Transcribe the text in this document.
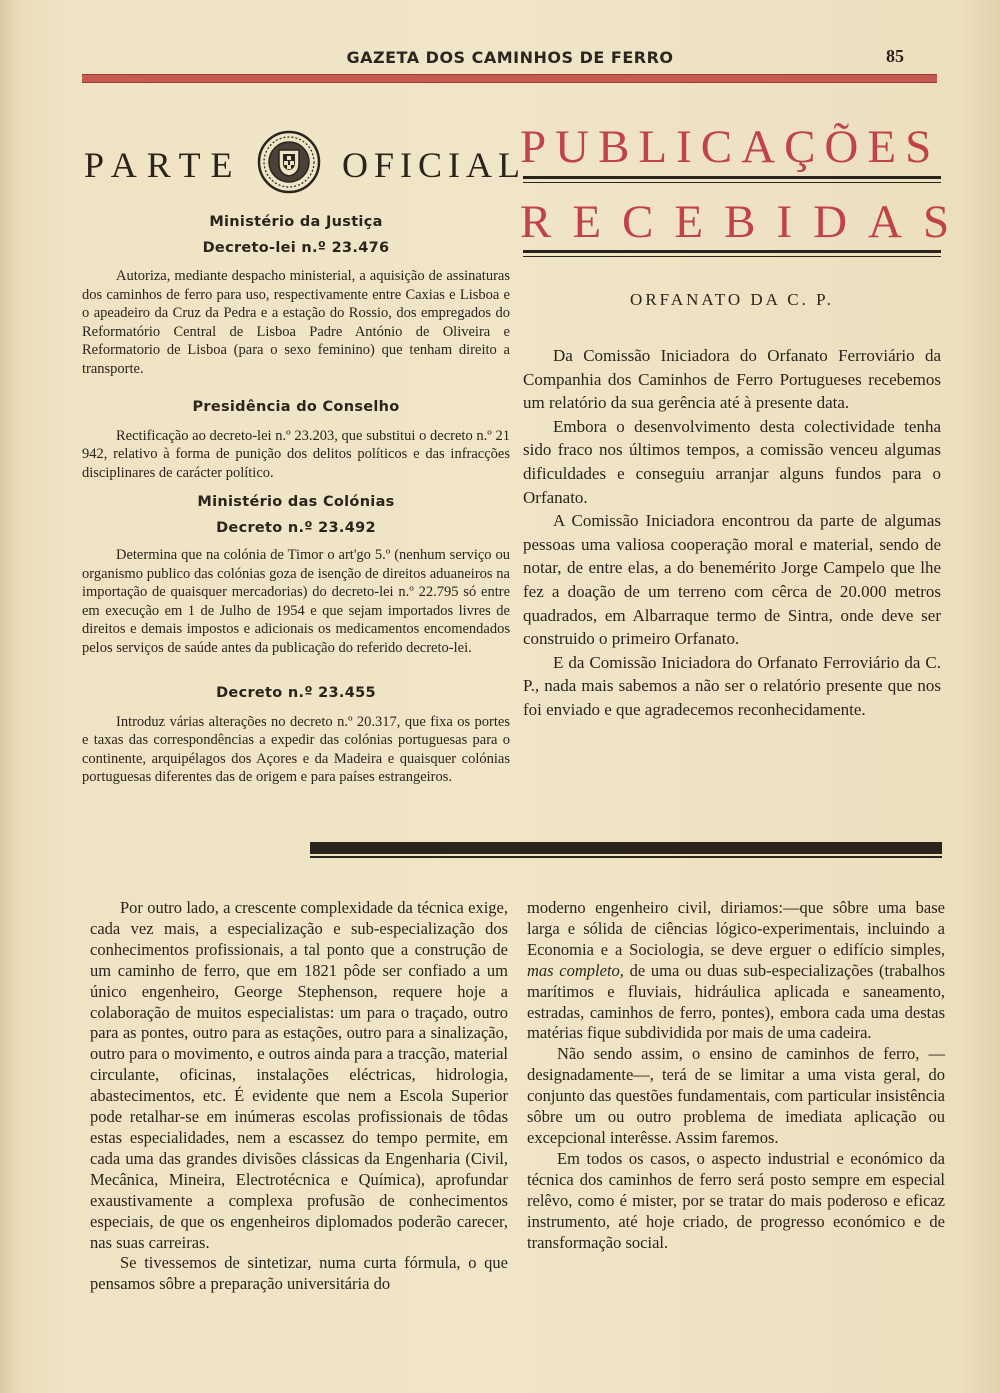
GAZETA DOS CAMINHOS DE FERRO	85
PARTE	OFICIAL
Ministério da Justiça
Decreto-lei n.º 23.476
Autoriza, mediante despacho ministerial, a aquisição de assinaturas dos caminhos de ferro para uso, respectivamente entre Caxias e Lisboa e o apeadeiro da Cruz da Pedra e a estação do Rossio, dos empregados do Reformatório Central de Lisboa Padre António de Oliveira e Reformatorio de Lisboa (para o sexo feminino) que tenham direito a transporte.
Presidência do Conselho
Rectificação ao decreto-lei n.º 23.203, que substitui o decreto n.º 21 942, relativo à forma de punição dos delitos políticos e das infracções disciplinares de carácter político.
Ministério das Colónias
Decreto n.º 23.492
Determina que na colónia de Timor o art'go 5.º (nenhum serviço ou organismo publico das colónias goza de isenção de direitos aduaneiros na importação de quaisquer mercadorias) do decreto-lei n.º 22.795 só entre em execução em 1 de Julho de 1954 e que sejam importados livres de direitos e demais impostos e adicionais os medicamentos encomendados pelos serviços de saúde antes da publicação do referido decreto-lei.
Decreto n.º 23.455
Introduz várias alterações no decreto n.º 20.317, que fixa os portes e taxas das correspondências a expedir das colónias portuguesas para o continente, arquipélagos dos Açores e da Madeira e quaisquer colónias portuguesas diferentes das de origem e para países estrangeiros.
PUBLICAÇÕES
RECEBIDAS
ORFANATO DA C. P.

Da Comissão Iniciadora do Orfanato Ferroviário da Companhia dos Caminhos de Ferro Portugueses recebemos um relatório da sua gerência até à presente data.

Embora o desenvolvimento desta colectividade tenha sido fraco nos últimos tempos, a comissão venceu algumas dificuldades e conseguiu arranjar alguns fundos para o Orfanato.

A Comissão Iniciadora encontrou da parte de algumas pessoas uma valiosa cooperação moral e material, sendo de notar, de entre elas, a do benemérito Jorge Campelo que lhe fez a doação de um terreno com cêrca de 20.000 metros quadrados, em Albarraque termo de Sintra, onde deve ser construido o primeiro Orfanato.

E da Comissão Iniciadora do Orfanato Ferroviário da C. P., nada mais sabemos a não ser o relatório presente que nos foi enviado e que agradecemos reconhecidamente.

Por outro lado, a crescente complexidade da técnica exige, cada vez mais, a especialização e sub-especialização dos conhecimentos profissionais, a tal ponto que a construção de um caminho de ferro, que em 1821 pôde ser confiado a um único engenheiro, George Stephenson, requere hoje a colaboração de muitos especialistas: um para o traçado, outro para as pontes, outro para as estações, outro para a sinalização, outro para o movimento, e outros ainda para a tracção, material circulante, oficinas, instalações eléctricas, hidrologia, abastecimentos, etc. É evidente que nem a Escola Superior pode retalhar-se em inúmeras escolas profissionais de tôdas estas especialidades, nem a escassez do tempo permite, em cada uma das grandes divisões clássicas da Engenharia (Civil, Mecânica, Mineira, Electrotécnica e Química), aprofundar exaustivamente a complexa profusão de conhecimentos especiais, de que os engenheiros diplomados poderão carecer, nas suas carreiras.

Se tivessemos de sintetizar, numa curta fórmula, o que pensamos sôbre a preparação universitária do

moderno engenheiro civil, diriamos:—que sôbre uma base larga e sólida de ciências lógico-experimentais, incluindo a Economia e a Sociologia, se deve erguer o edifício simples, mas completo, de uma ou duas sub-especializações (trabalhos marítimos e fluviais, hidráulica aplicada e saneamento, estradas, caminhos de ferro, pontes), embora cada uma destas matérias fique subdividida por mais de uma cadeira.

Não sendo assim, o ensino de caminhos de ferro, —designadamente—, terá de se limitar a uma vista geral, do conjunto das questões fundamentais, com particular insistência sôbre um ou outro problema de imediata aplicação ou excepcional interêsse. Assim faremos.

Em todos os casos, o aspecto industrial e económico da técnica dos caminhos de ferro será posto sempre em especial relêvo, como é mister, por se tratar do mais poderoso e eficaz instrumento, até hoje criado, de progresso económico e de transformação social.
